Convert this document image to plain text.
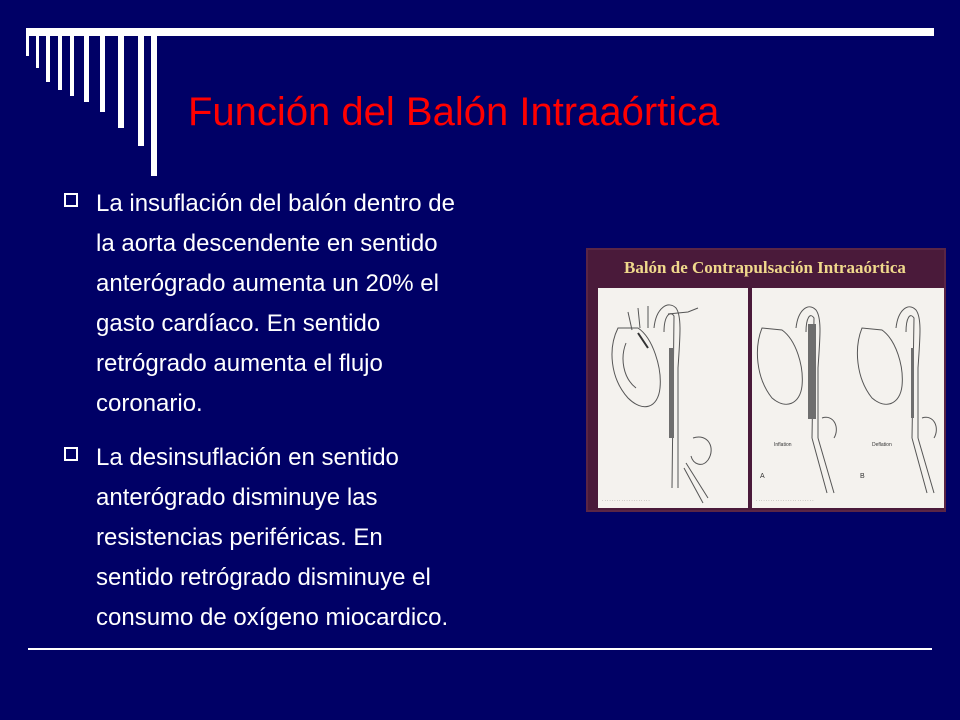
Función del Balón Intraaórtica
La insuflación del balón dentro de
la aorta descendente en sentido
anterógrado aumenta un 20% el
gasto cardíaco. En sentido
retrógrado aumenta el flujo
coronario.
La desinsuflación en sentido
anterógrado disminuye las
resistencias periféricas. En
sentido retrógrado disminuye el
consumo de oxígeno miocardico.
Balón de Contrapulsación Intraaórtica
· · · · · · · · · · · · · · · · · · · ·
Inflation	Deflation
A	B
· · · · · · · · · · · · · · · · · · · · · · · ·
